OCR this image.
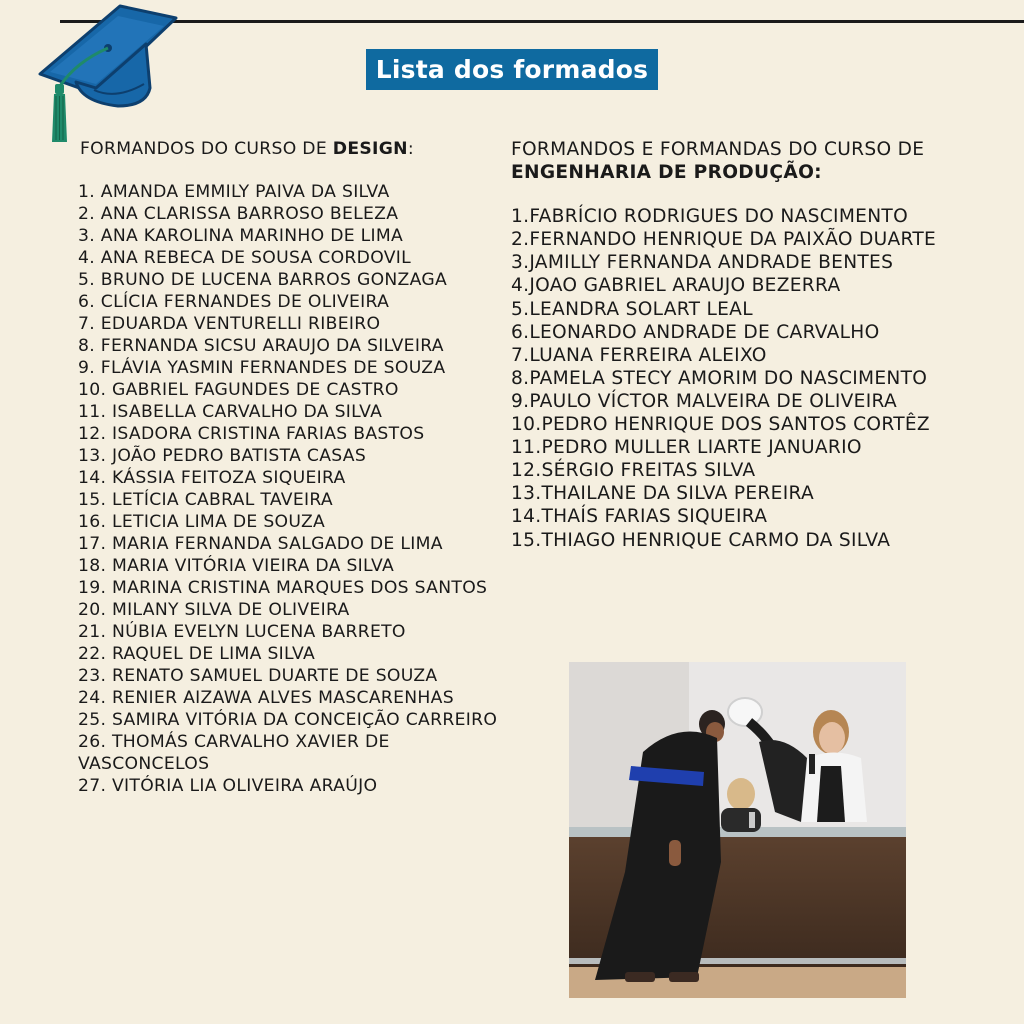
Lista dos formados

FORMANDOS DO CURSO DE DESIGN:

1. AMANDA EMMILY PAIVA DA SILVA
2. ANA CLARISSA BARROSO BELEZA
3. ANA KAROLINA MARINHO DE LIMA
4. ANA REBECA DE SOUSA CORDOVIL
5. BRUNO DE LUCENA BARROS GONZAGA
6. CLÍCIA FERNANDES DE OLIVEIRA
7. EDUARDA VENTURELLI RIBEIRO
8. FERNANDA SICSU ARAUJO DA SILVEIRA
9. FLÁVIA YASMIN FERNANDES DE SOUZA
10. GABRIEL FAGUNDES DE CASTRO
11. ISABELLA CARVALHO DA SILVA
12. ISADORA CRISTINA FARIAS BASTOS
13. JOÃO PEDRO BATISTA CASAS
14. KÁSSIA FEITOZA SIQUEIRA
15. LETÍCIA CABRAL TAVEIRA
16. LETICIA LIMA DE SOUZA
17. MARIA FERNANDA SALGADO DE LIMA
18. MARIA VITÓRIA VIEIRA DA SILVA
19. MARINA CRISTINA MARQUES DOS SANTOS
20. MILANY SILVA DE OLIVEIRA
21. NÚBIA EVELYN LUCENA BARRETO
22. RAQUEL DE LIMA SILVA
23. RENATO SAMUEL DUARTE DE SOUZA
24. RENIER AIZAWA ALVES MASCARENHAS
25. SAMIRA VITÓRIA DA CONCEIÇÃO CARREIRO
26. THOMÁS CARVALHO XAVIER DE VASCONCELOS
27. VITÓRIA LIA OLIVEIRA ARAÚJO

FORMANDOS E FORMANDAS DO CURSO DE ENGENHARIA DE PRODUÇÃO:

1.FABRÍCIO RODRIGUES DO NASCIMENTO
2.FERNANDO HENRIQUE DA PAIXÃO DUARTE
3.JAMILLY FERNANDA ANDRADE BENTES
4.JOAO GABRIEL ARAUJO BEZERRA
5.LEANDRA SOLART LEAL
6.LEONARDO ANDRADE DE CARVALHO
7.LUANA FERREIRA ALEIXO
8.PAMELA STECY AMORIM DO NASCIMENTO
9.PAULO VÍCTOR MALVEIRA DE OLIVEIRA
10.PEDRO HENRIQUE DOS SANTOS CORTÊZ
11.PEDRO MULLER LIARTE JANUARIO
12.SÉRGIO FREITAS SILVA
13.THAILANE DA SILVA PEREIRA
14.THAÍS FARIAS SIQUEIRA
15.THIAGO HENRIQUE CARMO DA SILVA
